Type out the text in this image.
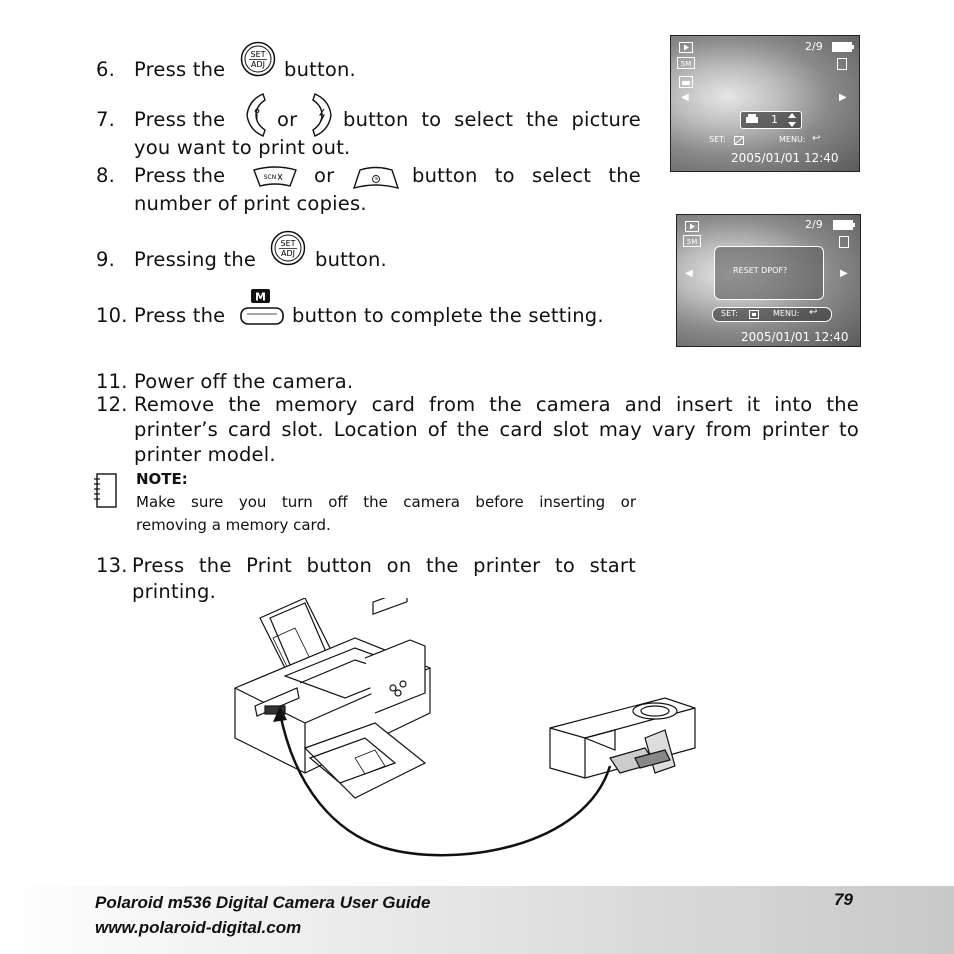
6. Press the	button.
SET
ADJ
7. Press the	or button to select the picture
you want to print out.
8. Press the	or	button to select the
number of print copies.
SCN
9. Pressing the	button.
SET
ADJ
10. Press the	button to complete the setting.
M
2/9
5M
◀	▶
1
SET:	MENU: ↩
2005/01/01 12:40
2/9
5M
◀	▶
RESET DPOF?
SET:	MENU: ↩
2005/01/01 12:40
11. Power off the camera.
12. Remove the memory card from the camera and insert it into the
printer’s card slot. Location of the card slot may vary from printer to
printer model.
NOTE:
Make sure you turn off the camera before inserting or
removing a memory card.
13. Press the Print button on the printer to start
printing.
Polaroid m536 Digital Camera User Guide
www.polaroid-digital.com
79
